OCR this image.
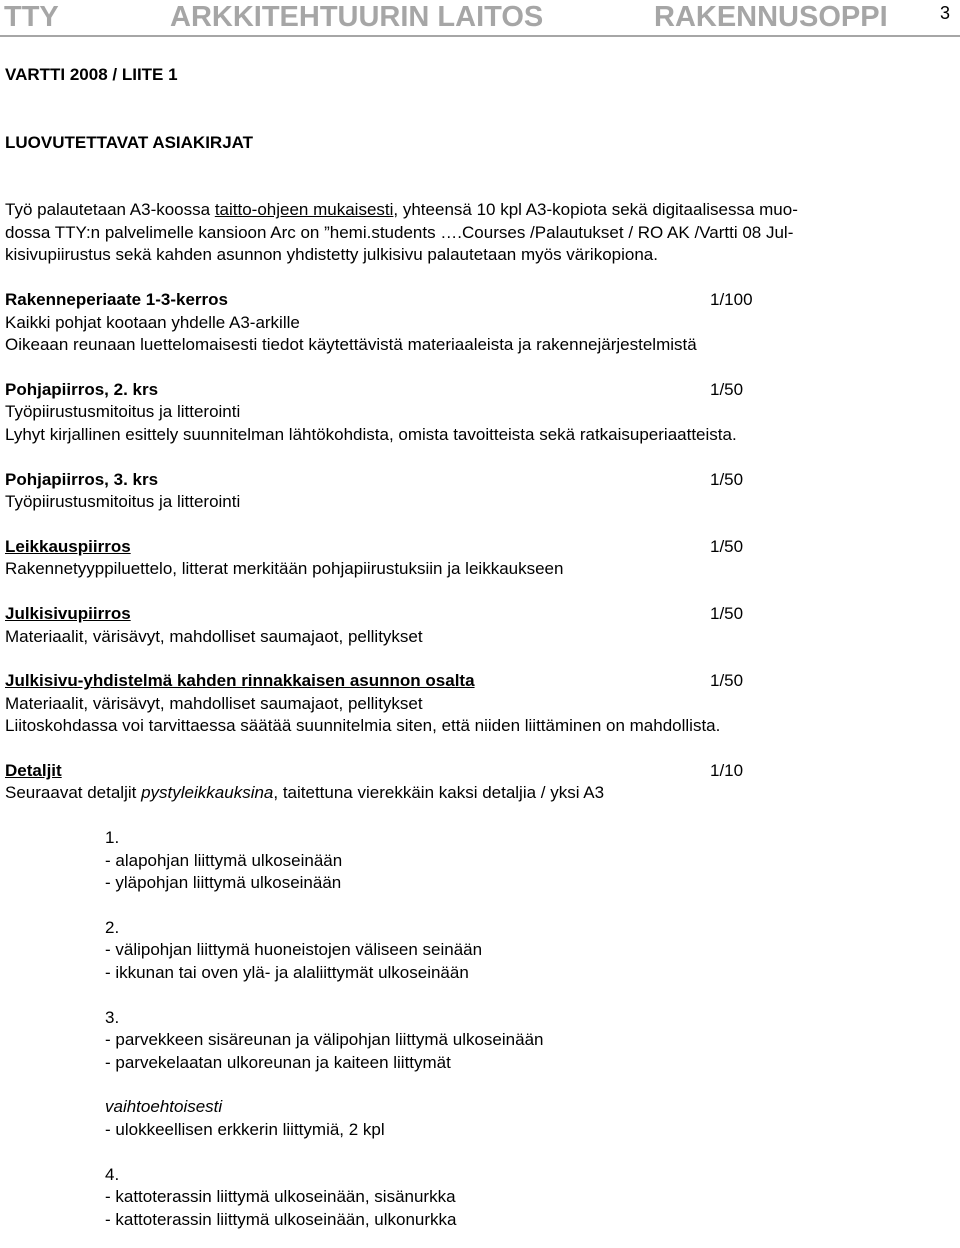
TTY	ARKKITEHTUURIN LAITOS	RAKENNUSOPPI	3

VARTTI 2008 / LIITE 1

LUOVUTETTAVAT ASIAKIRJAT

Työ palautetaan A3-koossa taitto-ohjeen mukaisesti, yhteensä 10 kpl A3-kopiota sekä digitaalisessa muo-

dossa TTY:n palvelimelle kansioon Arc on ”hemi.students ….Courses /Palautukset / RO AK /Vartti 08 Jul-

kisivupiirustus sekä kahden asunnon yhdistetty julkisivu palautetaan myös värikopiona.

Rakenneperiaate 1-3-kerros	1/100

Kaikki pohjat kootaan yhdelle A3-arkille

Oikeaan reunaan luettelomaisesti tiedot käytettävistä materiaaleista ja rakennejärjestelmistä

Pohjapiirros, 2. krs	1/50

Työpiirustusmitoitus ja litterointi

Lyhyt kirjallinen esittely suunnitelman lähtökohdista, omista tavoitteista sekä ratkaisuperiaatteista.

Pohjapiirros, 3. krs	1/50

Työpiirustusmitoitus ja litterointi

Leikkauspiirros	1/50

Rakennetyyppiluettelo, litterat merkitään pohjapiirustuksiin ja leikkaukseen

Julkisivupiirros	1/50

Materiaalit, värisävyt, mahdolliset saumajaot, pellitykset

Julkisivu-yhdistelmä kahden rinnakkaisen asunnon osalta	1/50

Materiaalit, värisävyt, mahdolliset saumajaot, pellitykset

Liitoskohdassa voi tarvittaessa säätää suunnitelmia siten, että niiden liittäminen on mahdollista.

Detaljit	1/10

Seuraavat detaljit pystyleikkauksina, taitettuna vierekkäin kaksi detaljia / yksi A3

1.

- alapohjan liittymä ulkoseinään

- yläpohjan liittymä ulkoseinään

2.

- välipohjan liittymä huoneistojen väliseen seinään

- ikkunan tai oven ylä- ja alaliittymät ulkoseinään

3.

- parvekkeen sisäreunan ja välipohjan liittymä ulkoseinään

- parvekelaatan ulkoreunan ja kaiteen liittymät

vaihtoehtoisesti

- ulokkeellisen erkkerin liittymiä, 2 kpl

4.

- kattoterassin liittymä ulkoseinään, sisänurkka

- kattoterassin liittymä ulkoseinään, ulkonurkka
